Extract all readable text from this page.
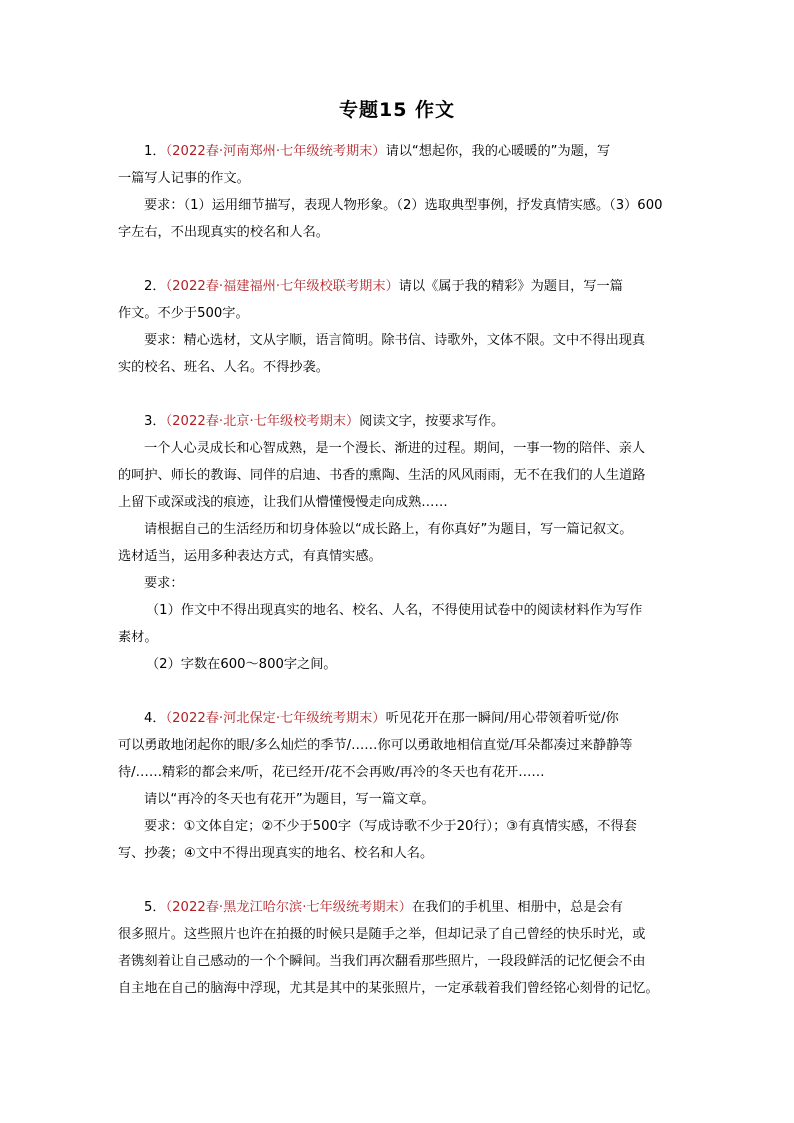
专题15 作文
1．（2022春·河南郑州·七年级统考期末）请以“想起你，我的心暖暖的”为题，写
一篇写人记事的作文。
要求：（1）运用细节描写，表现人物形象。（2）选取典型事例，抒发真情实感。（3）600
字左右，不出现真实的校名和人名。
2．（2022春·福建福州·七年级校联考期末）请以《属于我的精彩》为题目，写一篇
作文。不少于500字。
要求：精心选材，文从字顺，语言简明。除书信、诗歌外，文体不限。文中不得出现真
实的校名、班名、人名。不得抄袭。
3．（2022春·北京·七年级校考期末）阅读文字，按要求写作。
一个人心灵成长和心智成熟，是一个漫长、渐进的过程。期间，一事一物的陪伴、亲人
的呵护、师长的教诲、同伴的启迪、书香的熏陶、生活的风风雨雨，无不在我们的人生道路
上留下或深或浅的痕迹，让我们从懵懂慢慢走向成熟……
请根据自己的生活经历和切身体验以“成长路上，有你真好”为题目，写一篇记叙文。
选材适当，运用多种表达方式，有真情实感。
要求：
（1）作文中不得出现真实的地名、校名、人名，不得使用试卷中的阅读材料作为写作
素材。
（2）字数在600～800字之间。
4．（2022春·河北保定·七年级统考期末）听见花开在那一瞬间/用心带领着听觉/你
可以勇敢地闭起你的眼/多么灿烂的季节/……你可以勇敢地相信直觉/耳朵都凑过来静静等
待/……精彩的都会来/听，花已经开/花不会再败/再冷的冬天也有花开……
请以“再冷的冬天也有花开”为题目，写一篇文章。
要求：①文体自定；②不少于500字（写成诗歌不少于20行）；③有真情实感，不得套
写、抄袭；④文中不得出现真实的地名、校名和人名。
5．（2022春·黑龙江哈尔滨·七年级统考期末）在我们的手机里、相册中，总是会有
很多照片。这些照片也许在拍摄的时候只是随手之举，但却记录了自己曾经的快乐时光，或
者镌刻着让自己感动的一个个瞬间。当我们再次翻看那些照片，一段段鲜活的记忆便会不由
自主地在自己的脑海中浮现，尤其是其中的某张照片，一定承载着我们曾经铭心刻骨的记忆。
